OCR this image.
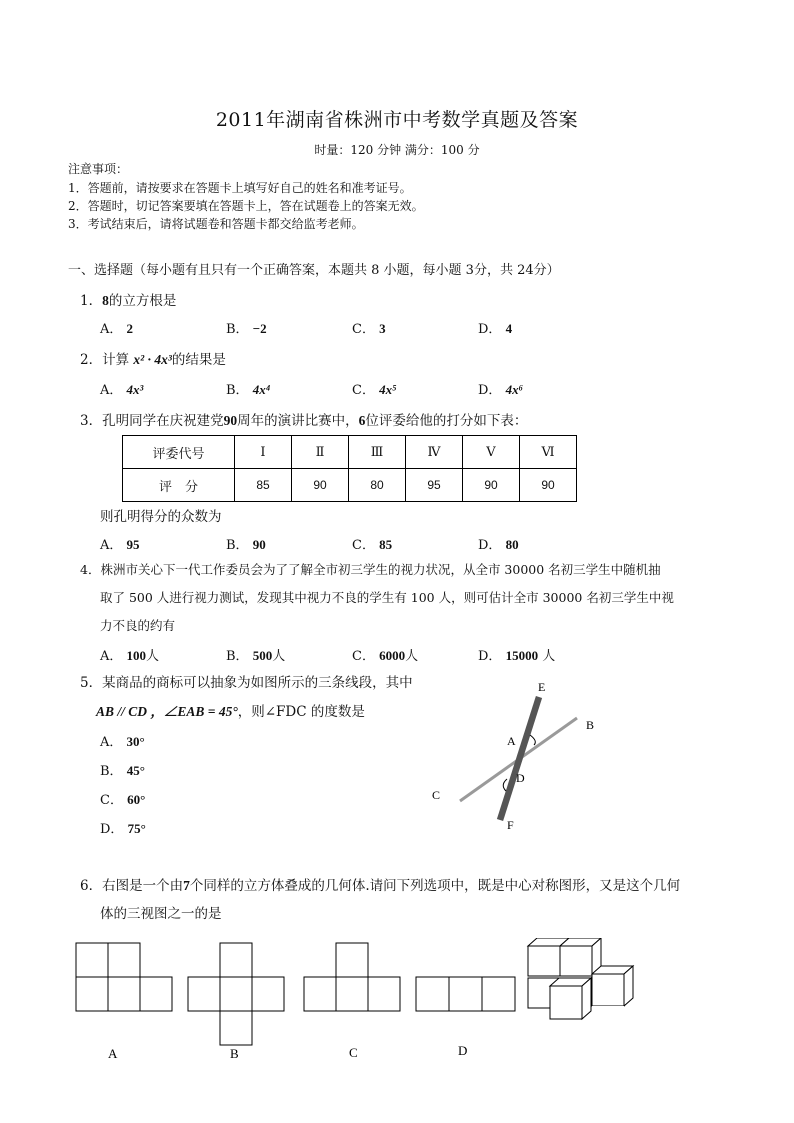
2011年湖南省株洲市中考数学真题及答案
时量：120 分钟 满分：100 分
注意事项：
1．答题前，请按要求在答题卡上填写好自己的姓名和准考证号。
2．答题时，切记答案要填在答题卡上，答在试题卷上的答案无效。
3．考试结束后，请将试题卷和答题卡都交给监考老师。
一、选择题（每小题有且只有一个正确答案，本题共 8 小题，每小题 3分，共 24分）
1．8的立方根是
A． 2	B． −2	C． 3	D． 4
2．计算 x² · 4x³的结果是
A． 4x³	B． 4x⁴	C． 4x⁵	D． 4x⁶
3．孔明同学在庆祝建党90周年的演讲比赛中，6位评委给他的打分如下表：
评委代号	Ⅰ	Ⅱ	Ⅲ	Ⅳ	Ⅴ	Ⅵ
评　分	85	90	80	95	90	90
则孔明得分的众数为
A． 95	B． 90	C． 85	D． 80
4．株洲市关心下一代工作委员会为了了解全市初三学生的视力状况，从全市 30000 名初三学生中随机抽
取了 500 人进行视力测试，发现其中视力不良的学生有 100 人，则可估计全市 30000 名初三学生中视
力不良的约有
A． 100人	B． 500人	C． 6000人	D． 15000 人
5．某商品的商标可以抽象为如图所示的三条线段，其中
AB // CD ，∠EAB = 45°，则∠FDC 的度数是
A． 30°
B． 45°
C． 60°
D． 75°
E
A
B
D
C
F
6．右图是一个由7个同样的立方体叠成的几何体.请问下列选项中，既是中心对称图形，又是这个几何
体的三视图之一的是
A	B	C	D
